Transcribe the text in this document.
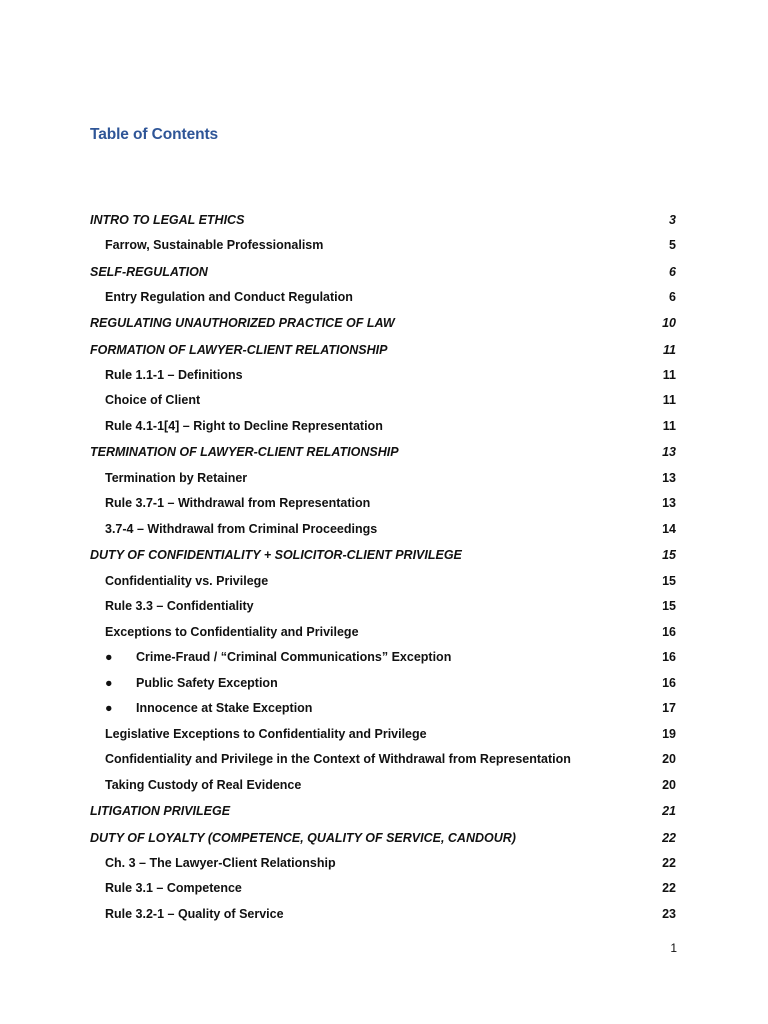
Table of Contents
INTRO TO LEGAL ETHICS	3
Farrow, Sustainable Professionalism	5
SELF-REGULATION	6
Entry Regulation and Conduct Regulation	6
REGULATING UNAUTHORIZED PRACTICE OF LAW	10
FORMATION OF LAWYER-CLIENT RELATIONSHIP	11
Rule 1.1-1 – Definitions	11
Choice of Client	11
Rule 4.1-1[4] – Right to Decline Representation	11
TERMINATION OF LAWYER-CLIENT RELATIONSHIP	13
Termination by Retainer	13
Rule 3.7-1 – Withdrawal from Representation	13
3.7-4 – Withdrawal from Criminal Proceedings	14
DUTY OF CONFIDENTIALITY + SOLICITOR-CLIENT PRIVILEGE	15
Confidentiality vs. Privilege	15
Rule 3.3 – Confidentiality	15
Exceptions to Confidentiality and Privilege	16
● Crime-Fraud / “Criminal Communications” Exception	16
● Public Safety Exception	16
● Innocence at Stake Exception	17
Legislative Exceptions to Confidentiality and Privilege	19
Confidentiality and Privilege in the Context of Withdrawal from Representation	20
Taking Custody of Real Evidence	20
LITIGATION PRIVILEGE	21
DUTY OF LOYALTY (COMPETENCE, QUALITY OF SERVICE, CANDOUR)	22
Ch. 3 – The Lawyer-Client Relationship	22
Rule 3.1 – Competence	22
Rule 3.2-1 – Quality of Service	23
1
